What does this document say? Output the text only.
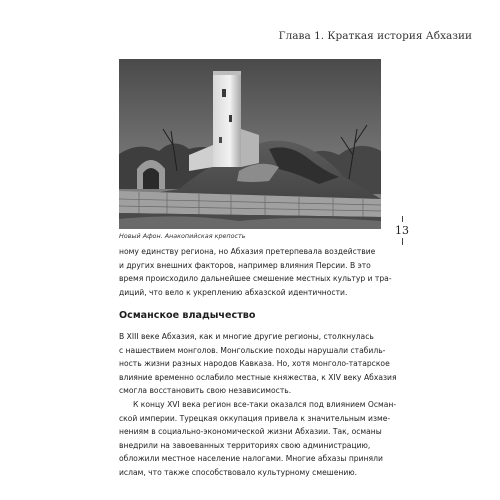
Глава 1. Краткая история Абхазии
Новый Афон. Анакопийская крепость	13
ному единству региона, но Абхазия претерпевала воздействие
и других внешних факторов, например влияния Персии. В это
время происходило дальнейшее смешение местных культур и тра-
диций, что вело к укреплению абхазской идентичности.
Османское владычество
В XIII веке Абхазия, как и многие другие регионы, столкнулась
с нашествием монголов. Монгольские походы нарушали стабиль-
ность жизни разных народов Кавказа. Но, хотя монголо-татарское
влияние временно ослабило местные княжества, к XIV веку Абхазия
смогла восстановить свою независимость.
К концу XVI века регион все-таки оказался под влиянием Осман-
ской империи. Турецкая оккупация привела к значительным изме-
нениям в социально-экономической жизни Абхазии. Так, османы
внедрили на завоеванных территориях свою администрацию,
обложили местное население налогами. Многие абхазы приняли
ислам, что также способствовало культурному смешению.
